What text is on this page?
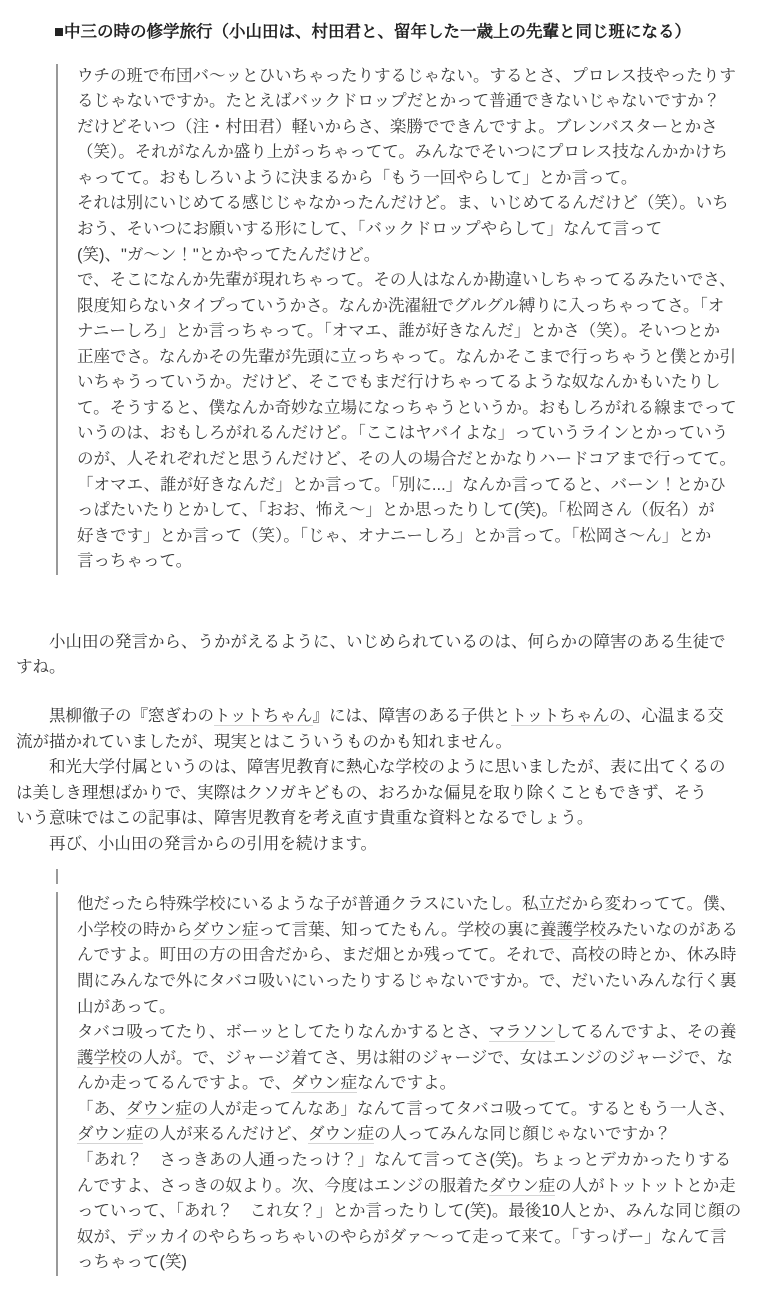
■中三の時の修学旅行（小山田は、村田君と、留年した一歳上の先輩と同じ班になる）
ウチの班で布団バ〜ッとひいちゃったりするじゃない。するとさ、プロレス技やったりす
るじゃないですか。たとえばバックドロップだとかって普通できないじゃないですか？
だけどそいつ（注・村田君）軽いからさ、楽勝でできんですよ。ブレンバスターとかさ
（笑）。それがなんか盛り上がっちゃってて。みんなでそいつにプロレス技なんかかけち
ゃってて。おもしろいように決まるから「もう一回やらして」とか言って。
それは別にいじめてる感じじゃなかったんだけど。ま、いじめてるんだけど（笑）。いち
おう、そいつにお願いする形にして、「バックドロップやらして」なんて言って
(笑)、"ガ〜ン！"とかやってたんだけど。
で、そこになんか先輩が現れちゃって。その人はなんか勘違いしちゃってるみたいでさ、
限度知らないタイプっていうかさ。なんか洗濯紐でグルグル縛りに入っちゃってさ。「オ
ナニーしろ」とか言っちゃって。「オマエ、誰が好きなんだ」とかさ（笑）。そいつとか
正座でさ。なんかその先輩が先頭に立っちゃって。なんかそこまで行っちゃうと僕とか引
いちゃうっていうか。だけど、そこでもまだ行けちゃってるような奴なんかもいたりし
て。そうすると、僕なんか奇妙な立場になっちゃうというか。おもしろがれる線までって
いうのは、おもしろがれるんだけど。「ここはヤバイよな」っていうラインとかっていう
のが、人それぞれだと思うんだけど、その人の場合だとかなりハードコアまで行ってて。
「オマエ、誰が好きなんだ」とか言って。「別に...」なんか言ってると、バーン！とかひ
っぱたいたりとかして、「おお、怖え〜」とか思ったりして(笑)。「松岡さん（仮名）が
好きです」とか言って（笑）。「じゃ、オナニーしろ」とか言って。「松岡さ〜ん」とか
言っちゃって。

　　小山田の発言から、うかがえるように、いじめられているのは、何らかの障害のある生徒で
すね。

　　黒柳徹子の『窓ぎわのトットちゃん』には、障害のある子供とトットちゃんの、心温まる交
流が描かれていましたが、現実とはこういうものかも知れません。

　　和光大学付属というのは、障害児教育に熱心な学校のように思いましたが、表に出てくるの
は美しき理想ばかりで、実際はクソガキどもの、おろかな偏見を取り除くこともできず、そう
いう意味ではこの記事は、障害児教育を考え直す貴重な資料となるでしょう。

　　再び、小山田の発言からの引用を続けます。

他だったら特殊学校にいるような子が普通クラスにいたし。私立だから変わってて。僕、
小学校の時からダウン症って言葉、知ってたもん。学校の裏に養護学校みたいなのがある
んですよ。町田の方の田舎だから、まだ畑とか残ってて。それで、高校の時とか、休み時
間にみんなで外にタバコ吸いにいったりするじゃないですか。で、だいたいみんな行く裏
山があって。
タバコ吸ってたり、ボーッとしてたりなんかするとさ、マラソンしてるんですよ、その養
護学校の人が。で、ジャージ着てさ、男は紺のジャージで、女はエンジのジャージで、な
んか走ってるんですよ。で、ダウン症なんですよ。
「あ、ダウン症の人が走ってんなあ」なんて言ってタバコ吸ってて。するともう一人さ、
ダウン症の人が来るんだけど、ダウン症の人ってみんな同じ顔じゃないですか？
「あれ？　さっきあの人通ったっけ？」なんて言ってさ(笑)。ちょっとデカかったりする
んですよ、さっきの奴より。次、今度はエンジの服着たダウン症の人がトットットとか走
っていって、「あれ？　これ女？」とか言ったりして(笑)。最後10人とか、みんな同じ顔の
奴が、デッカイのやらちっちゃいのやらがダァ〜って走って来て。「すっげー」なんて言
っちゃって(笑)
